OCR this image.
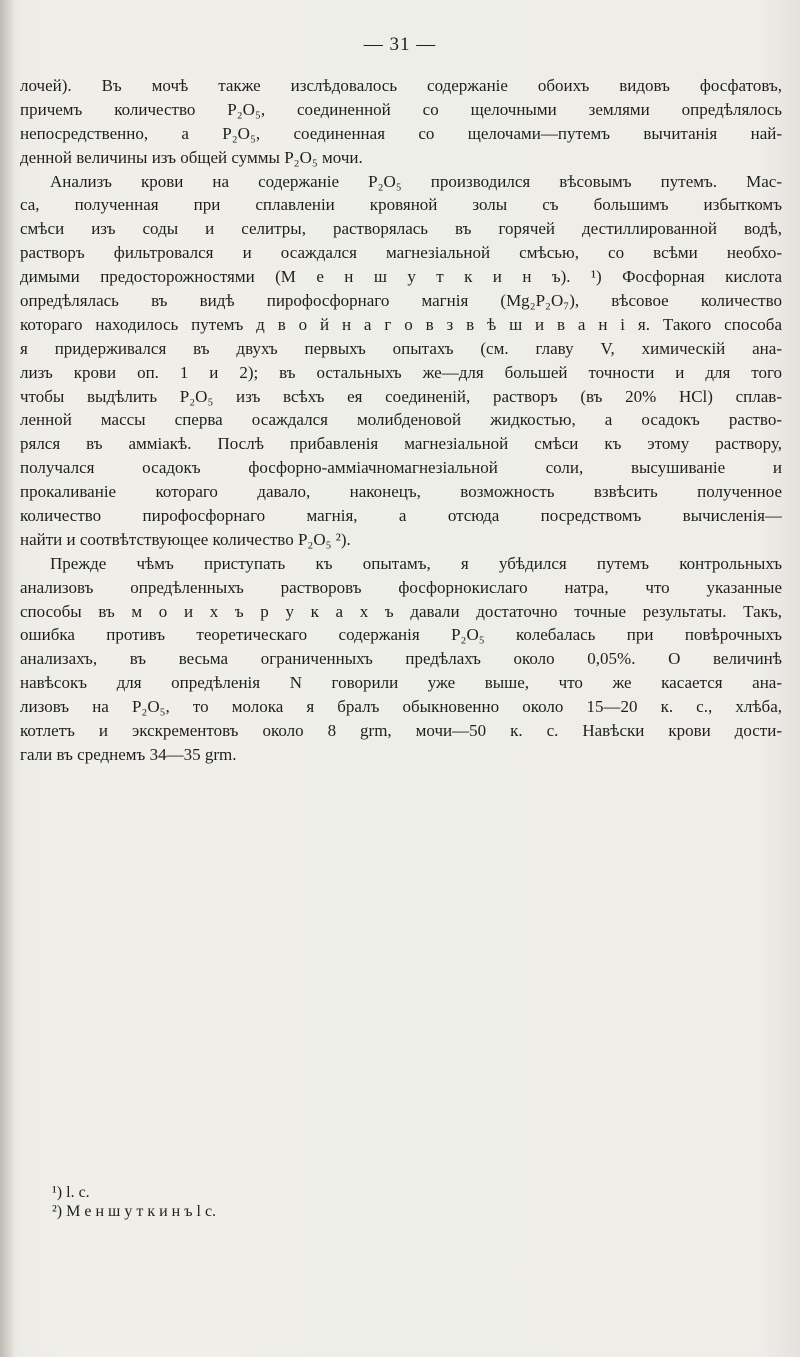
— 31 —
лочей). Въ мочѣ также изслѣдовалось содержаніе обоихъ видовъ фосфатовъ,
причемъ количество P₂O₅, соединенной со щелочными землями опредѣлялось
непосредственно, а P₂O₅, соединенная со щелочами—путемъ вычитанія най-
денной величины изъ общей суммы P₂O₅ мочи.
Анализъ крови на содержаніе P₂O₅ производился вѣсовымъ путемъ. Мас-
са, полученная при сплавленіи кровяной золы съ большимъ избыткомъ
смѣси изъ соды и селитры, растворялась въ горячей дестиллированной водѣ,
растворъ фильтровался и осаждался магнезіальной смѣсью, со всѣми необхо-
димыми предосторожностями (М е н ш у т к и н ъ). ¹) Фосфорная кислота
опредѣлялась въ видѣ пирофосфорнаго магнія (Mg₂P₂O₇), вѣсовое количество
котораго находилось путемъ д в о й н а г о в з в ѣ ш и в а н і я. Такого способа
я придерживался въ двухъ первыхъ опытахъ (см. главу V, химическій ана-
лизъ крови оп. 1 и 2); въ остальныхъ же—для большей точности и для того
чтобы выдѣлить P₂O₅ изъ всѣхъ ея соединеній, растворъ (въ 20% HCl) сплав-
ленной массы сперва осаждался молибденовой жидкостью, а осадокъ раство-
рялся въ амміакѣ. Послѣ прибавленія магнезіальной смѣси къ этому раствору,
получался осадокъ фосфорно-амміачномагнезіальной соли, высушиваніе и
прокаливаніе котораго давало, наконецъ, возможность взвѣсить полученное
количество пирофосфорнаго магнія, а отсюда посредствомъ вычисленія—
найти и соотвѣтствующее количество P₂O₅ ²).
Прежде чѣмъ приступать къ опытамъ, я убѣдился путемъ контрольныхъ
анализовъ опредѣленныхъ растворовъ фосфорнокислаго натра, что указанные
способы въ м о и х ъ р у к а х ъ давали достаточно точные результаты. Такъ,
ошибка противъ теоретическаго содержанія P₂O₅ колебалась при повѣрочныхъ
анализахъ, въ весьма ограниченныхъ предѣлахъ около 0,05%. О величинѣ
навѣсокъ для опредѣленія N говорили уже выше, что же касается ана-
лизовъ на P₂O₅, то молока я бралъ обыкновенно около 15—20 к. с., хлѣба,
котлетъ и экскрементовъ около 8 grm, мочи—50 к. с. Навѣски крови дости-
гали въ среднемъ 34—35 grm.
¹) l. c.
²) М е н ш у т к и н ъ l c.
